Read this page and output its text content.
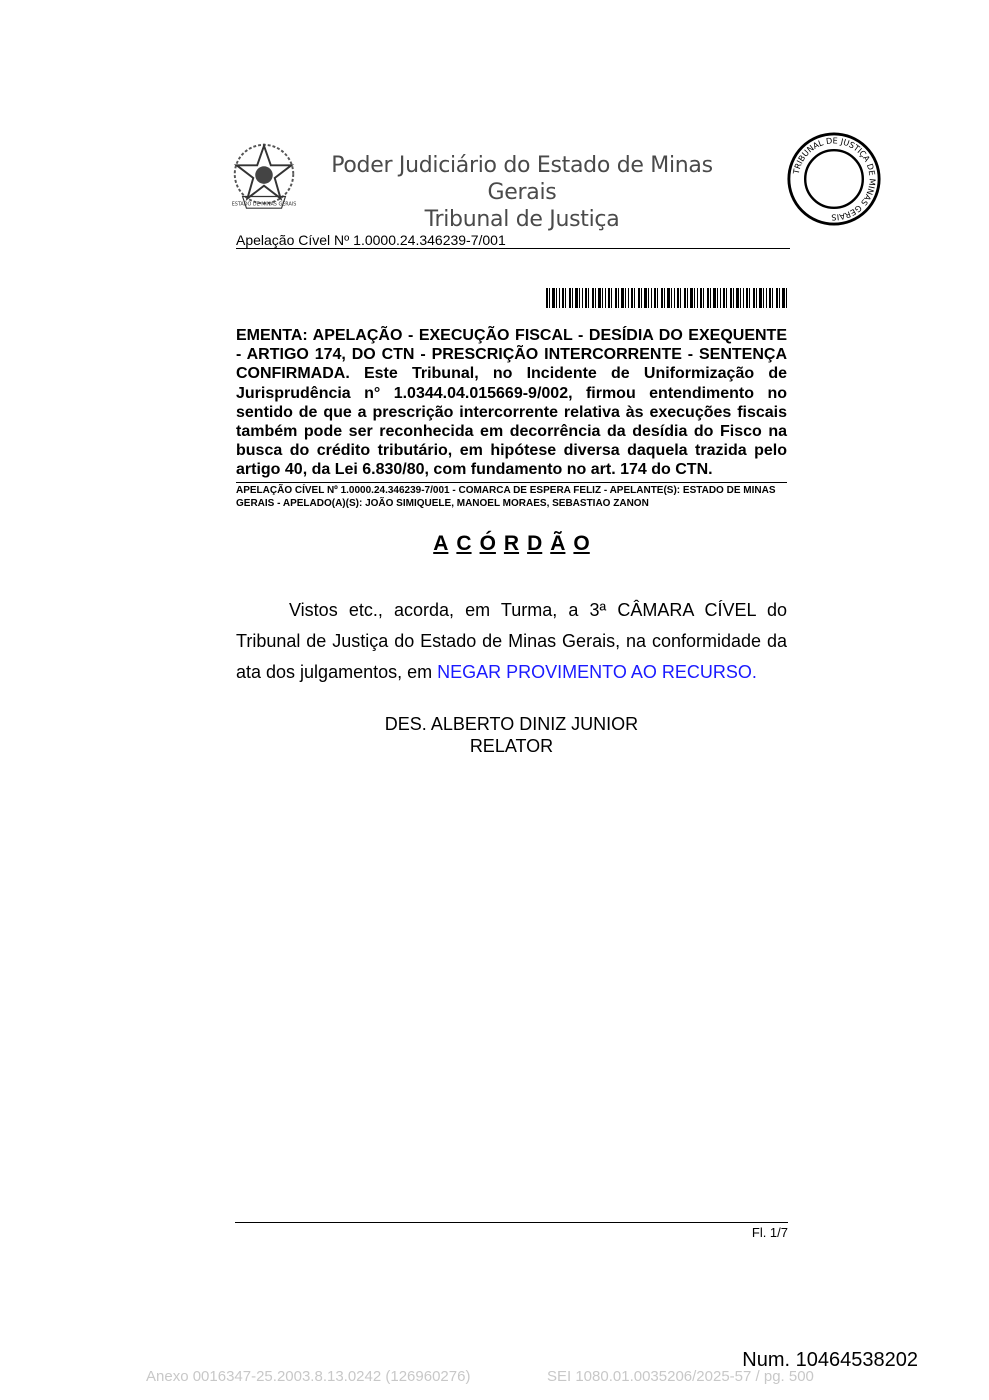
ESTADO DE MINAS GERAIS
Poder Judiciário do Estado de Minas Gerais
Tribunal de Justiça
TRIBUNAL DE JUSTIÇA DE MINAS GERAIS
Apelação Cível Nº 1.0000.24.346239-7/001
EMENTA: APELAÇÃO - EXECUÇÃO FISCAL - DESÍDIA DO EXEQUENTE - ARTIGO 174, DO CTN - PRESCRIÇÃO INTERCORRENTE - SENTENÇA CONFIRMADA. Este Tribunal, no Incidente de Uniformização de Jurisprudência n° 1.0344.04.015669-9/002, firmou entendimento no sentido de que a prescrição intercorrente relativa às execuções fiscais também pode ser reconhecida em decorrência da desídia do Fisco na busca do crédito tributário, em hipótese diversa daquela trazida pelo artigo 40, da Lei 6.830/80, com fundamento no art. 174 do CTN.
APELAÇÃO CÍVEL Nº 1.0000.24.346239-7/001 - COMARCA DE ESPERA FELIZ - APELANTE(S): ESTADO DE MINAS GERAIS - APELADO(A)(S): JOÃO SIMIQUELE, MANOEL MORAES, SEBASTIAO ZANON
A C Ó R D Ã O
Vistos etc., acorda, em Turma, a 3ª CÂMARA CÍVEL do Tribunal de Justiça do Estado de Minas Gerais, na conformidade da ata dos julgamentos, em NEGAR PROVIMENTO AO RECURSO.
DES. ALBERTO DINIZ JUNIOR
RELATOR
Fl. 1/7
Num. 10464538202
Anexo 0016347-25.2003.8.13.0242 (126960276)	SEI 1080.01.0035206/2025-57 / pg. 500
